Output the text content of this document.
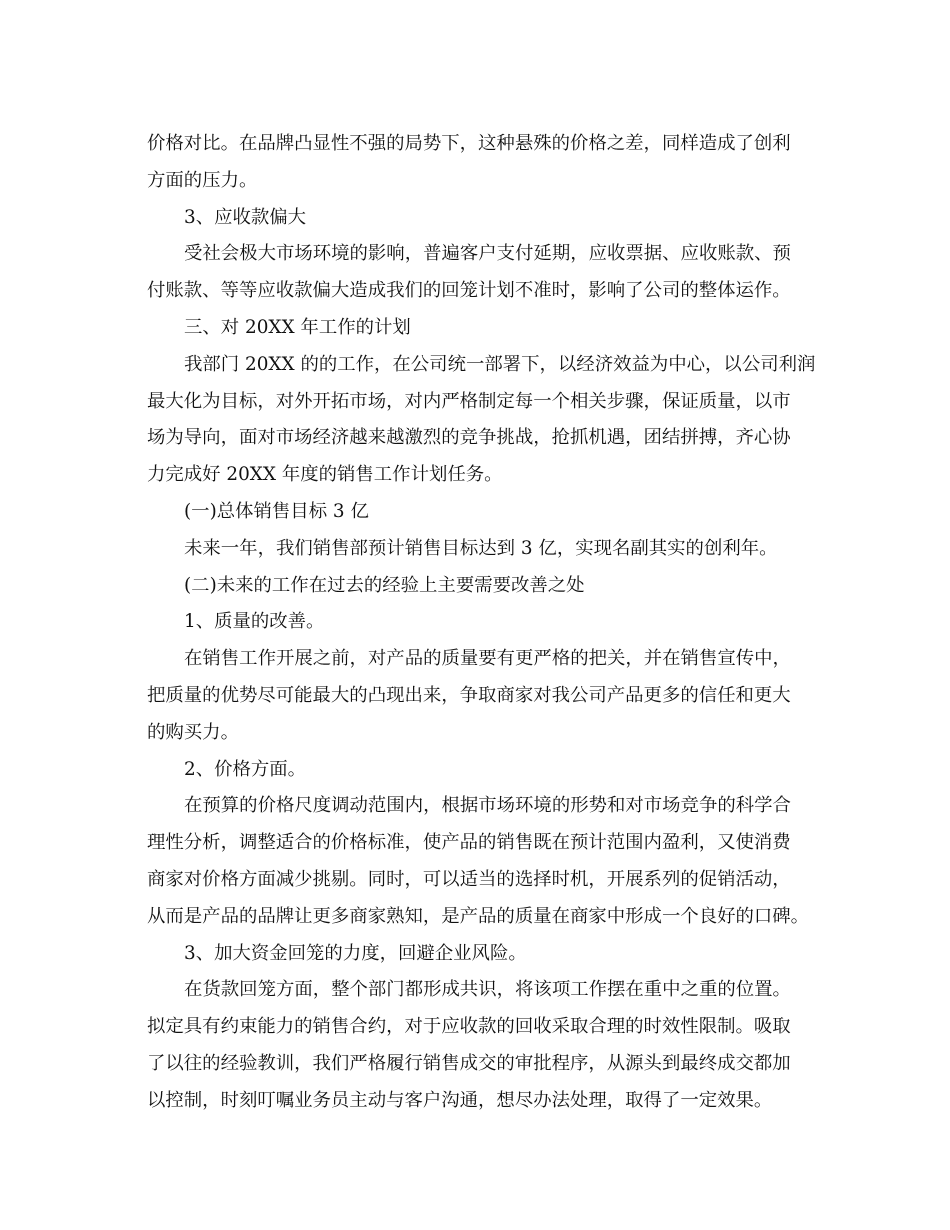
价格对比。在品牌凸显性不强的局势下，这种悬殊的价格之差，同样造成了创利
方面的压力。

3、应收款偏大

受社会极大市场环境的影响，普遍客户支付延期，应收票据、应收账款、预
付账款、等等应收款偏大造成我们的回笼计划不准时，影响了公司的整体运作。

三、对 20XX 年工作的计划

我部门 20XX 的的工作，在公司统一部署下，以经济效益为中心，以公司利润
最大化为目标，对外开拓市场，对内严格制定每一个相关步骤，保证质量，以市
场为导向，面对市场经济越来越激烈的竞争挑战，抢抓机遇，团结拼搏，齐心协
力完成好 20XX 年度的销售工作计划任务。

(一)总体销售目标 3 亿

未来一年，我们销售部预计销售目标达到 3 亿，实现名副其实的创利年。

(二)未来的工作在过去的经验上主要需要改善之处

1、质量的改善。

在销售工作开展之前，对产品的质量要有更严格的把关，并在销售宣传中，
把质量的优势尽可能最大的凸现出来，争取商家对我公司产品更多的信任和更大
的购买力。

2、价格方面。

在预算的价格尺度调动范围内，根据市场环境的形势和对市场竞争的科学合
理性分析，调整适合的价格标准，使产品的销售既在预计范围内盈利，又使消费
商家对价格方面减少挑剔。同时，可以适当的选择时机，开展系列的促销活动，
从而是产品的品牌让更多商家熟知，是产品的质量在商家中形成一个良好的口碑。

3、加大资金回笼的力度，回避企业风险。

在货款回笼方面，整个部门都形成共识，将该项工作摆在重中之重的位置。
拟定具有约束能力的销售合约，对于应收款的回收采取合理的时效性限制。吸取
了以往的经验教训，我们严格履行销售成交的审批程序，从源头到最终成交都加
以控制，时刻叮嘱业务员主动与客户沟通，想尽办法处理，取得了一定效果。
